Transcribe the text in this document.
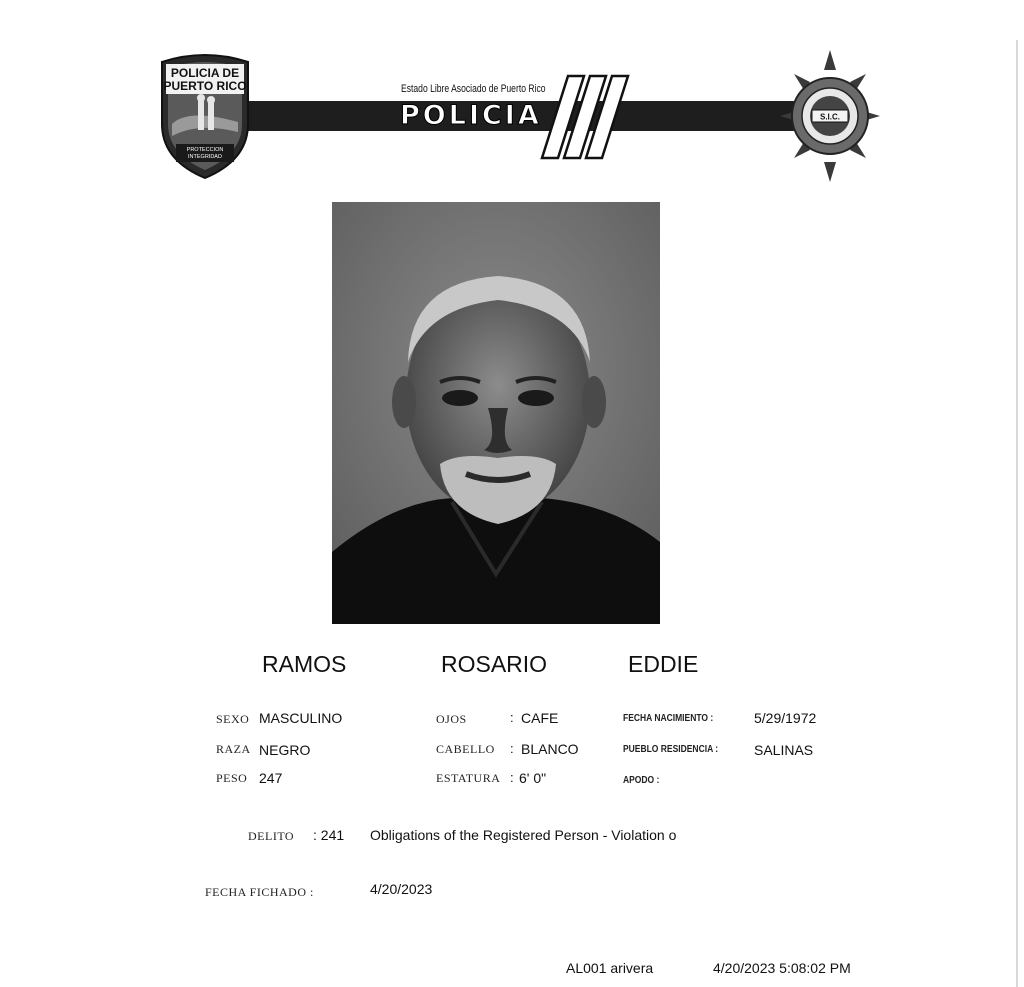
Estado Libre Asociado de Puerto Rico
POLICIA
POLICIA DE
PUERTO RICO
PROTECCION
INTEGRIDAD
S.I.C.
RAMOS	ROSARIO	EDDIE
SEXO MASCULINO
RAZA NEGRO
PESO 247
OJOS	: CAFE
CABELLO : BLANCO
ESTATURA : 6' 0"
FECHA NACIMIENTO :	5/29/1972
PUEBLO RESIDENCIA :	SALINAS
APODO :
DELITO : 241 Obligations of the Registered Person - Violation o
FECHA FICHADO :	4/20/2023
AL001 arivera	4/20/2023 5:08:02 PM
